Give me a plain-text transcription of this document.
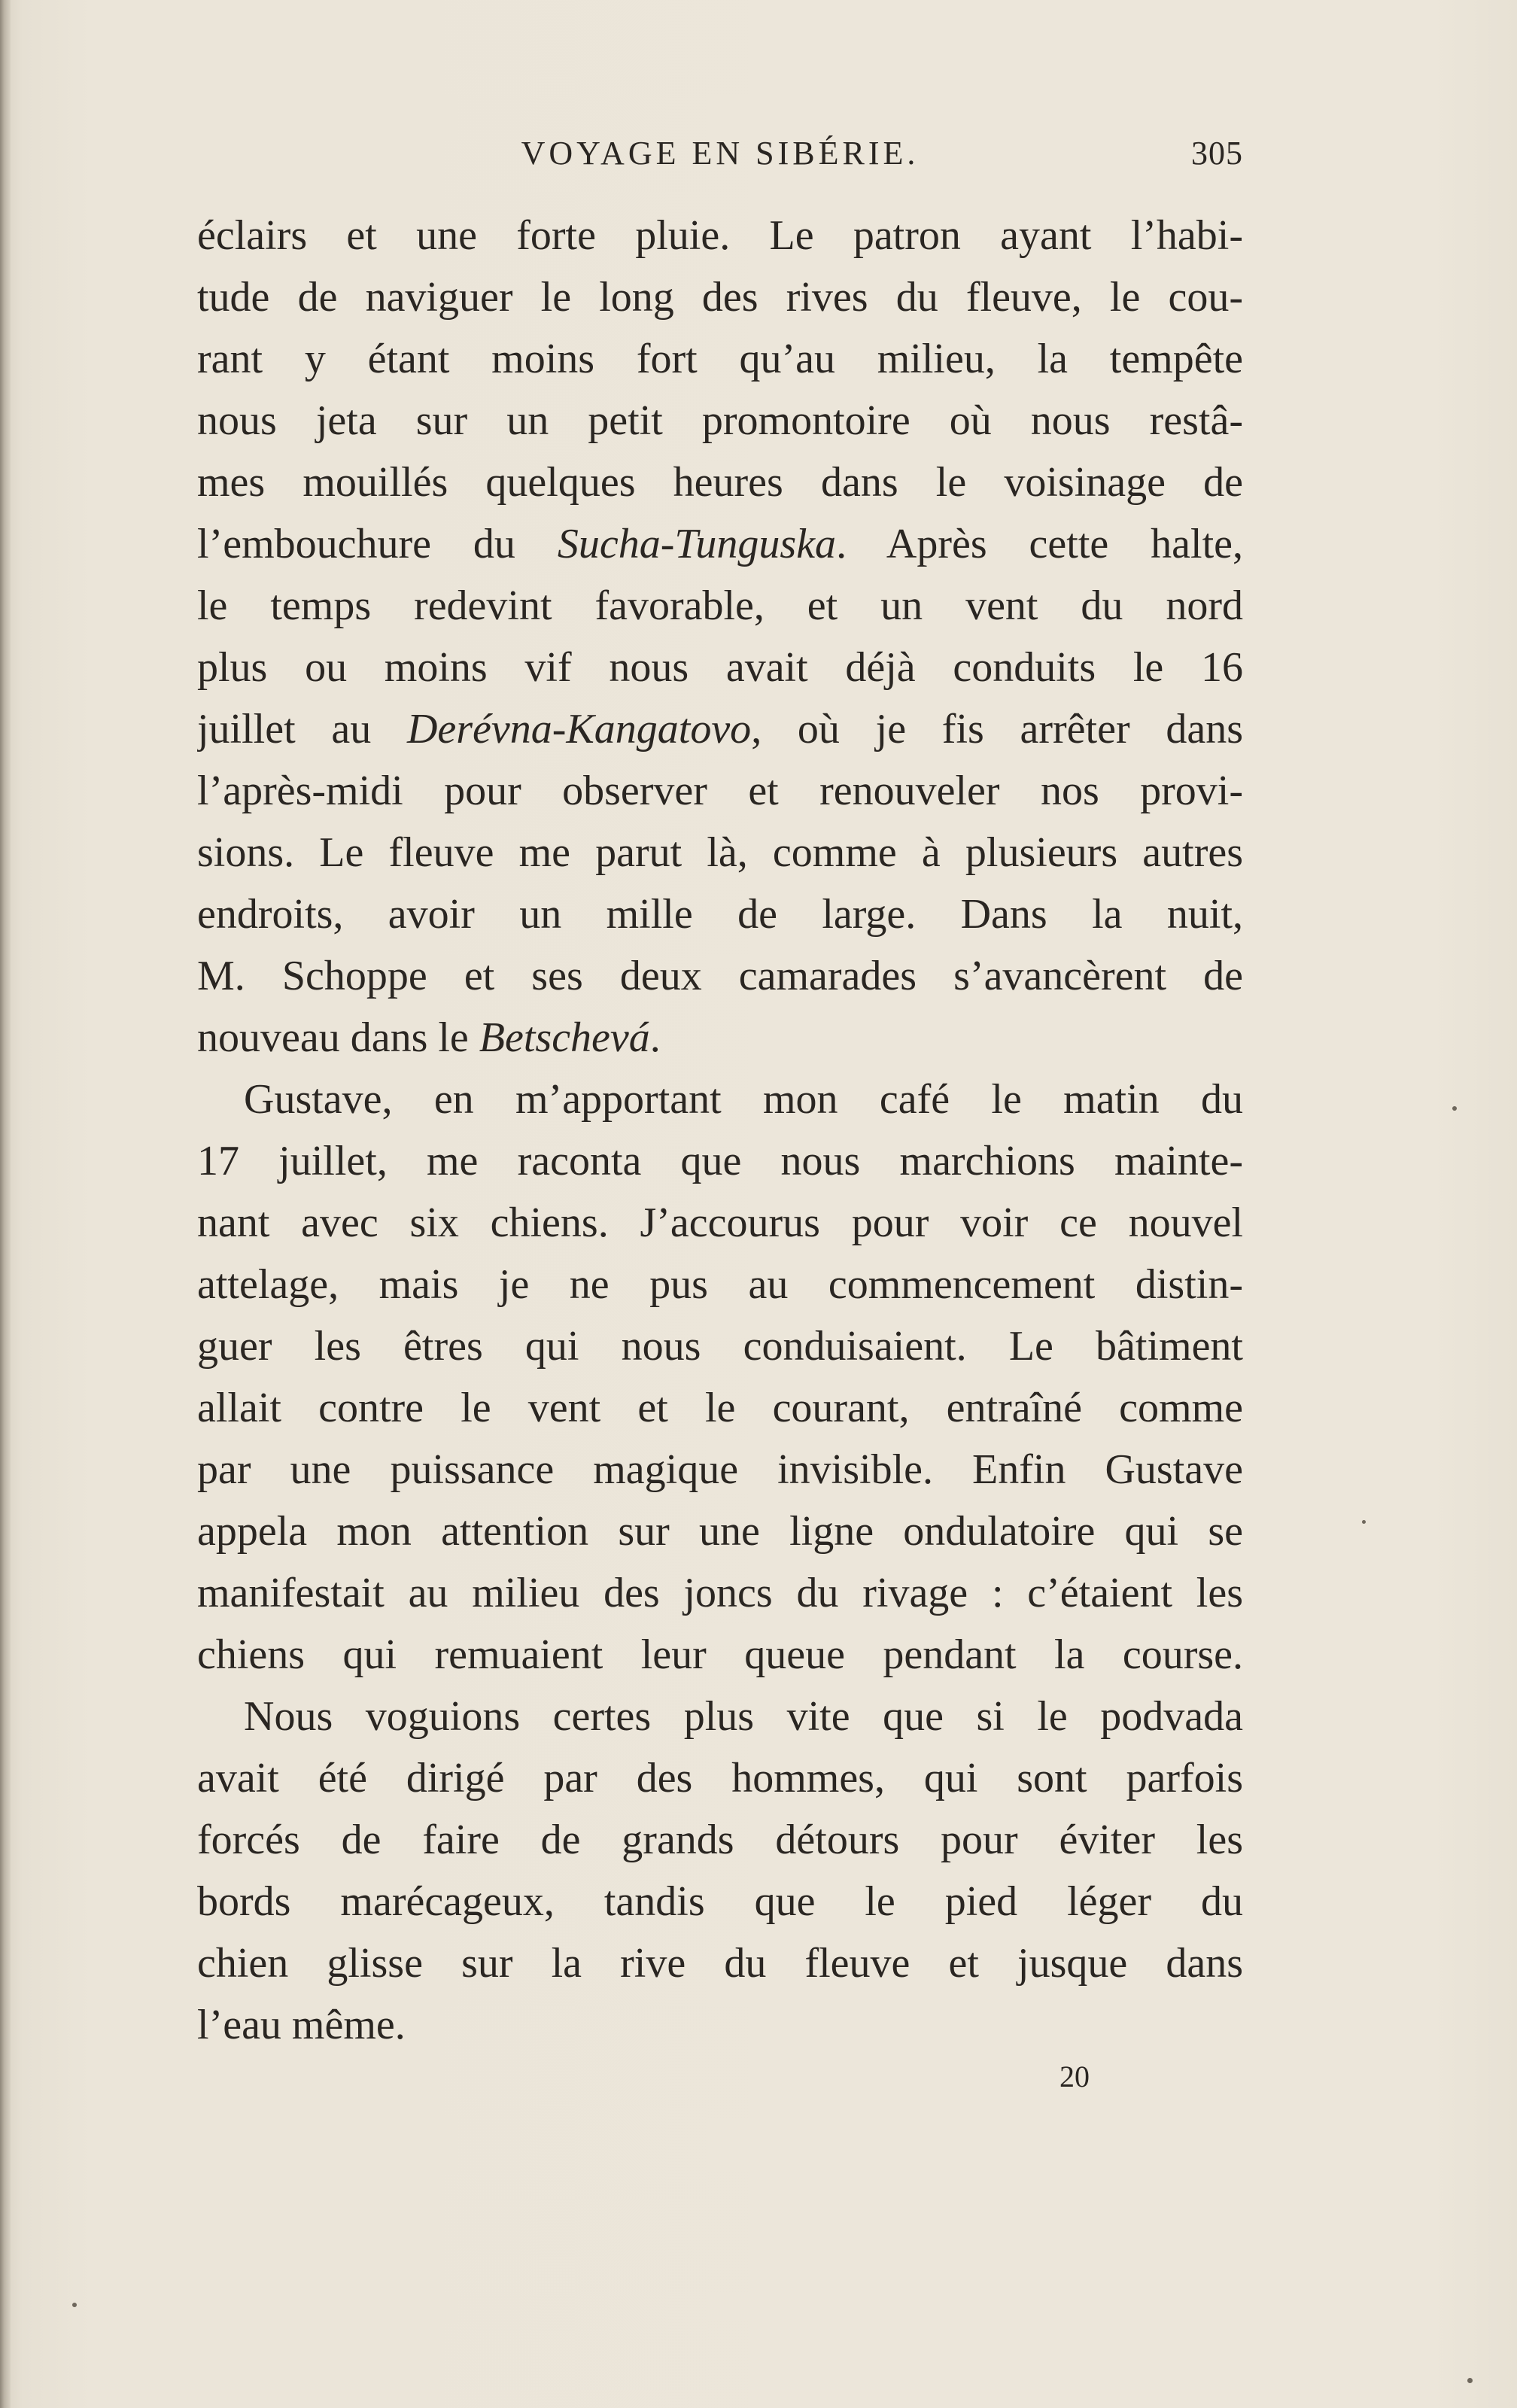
VOYAGE EN SIBÉRIE.	305
éclairs et une forte pluie. Le patron ayant l’habi-
tude de naviguer le long des rives du fleuve, le cou-
rant y étant moins fort qu’au milieu, la tempête
nous jeta sur un petit promontoire où nous restâ-
mes mouillés quelques heures dans le voisinage de
l’embouchure du Sucha-Tunguska. Après cette halte,
le temps redevint favorable, et un vent du nord
plus ou moins vif nous avait déjà conduits le 16
juillet au Derévna-Kangatovo, où je fis arrêter dans
l’après-midi pour observer et renouveler nos provi-
sions. Le fleuve me parut là, comme à plusieurs autres
endroits, avoir un mille de large. Dans la nuit,
M. Schoppe et ses deux camarades s’avancèrent de
nouveau dans le Betschevá.
Gustave, en m’apportant mon café le matin du
17 juillet, me raconta que nous marchions mainte-
nant avec six chiens. J’accourus pour voir ce nouvel
attelage, mais je ne pus au commencement distin-
guer les êtres qui nous conduisaient. Le bâtiment
allait contre le vent et le courant, entraîné comme
par une puissance magique invisible. Enfin Gustave
appela mon attention sur une ligne ondulatoire qui se
manifestait au milieu des joncs du rivage : c’étaient les
chiens qui remuaient leur queue pendant la course.
Nous voguions certes plus vite que si le podvada
avait été dirigé par des hommes, qui sont parfois
forcés de faire de grands détours pour éviter les
bords marécageux, tandis que le pied léger du
chien glisse sur la rive du fleuve et jusque dans
l’eau même.
20
